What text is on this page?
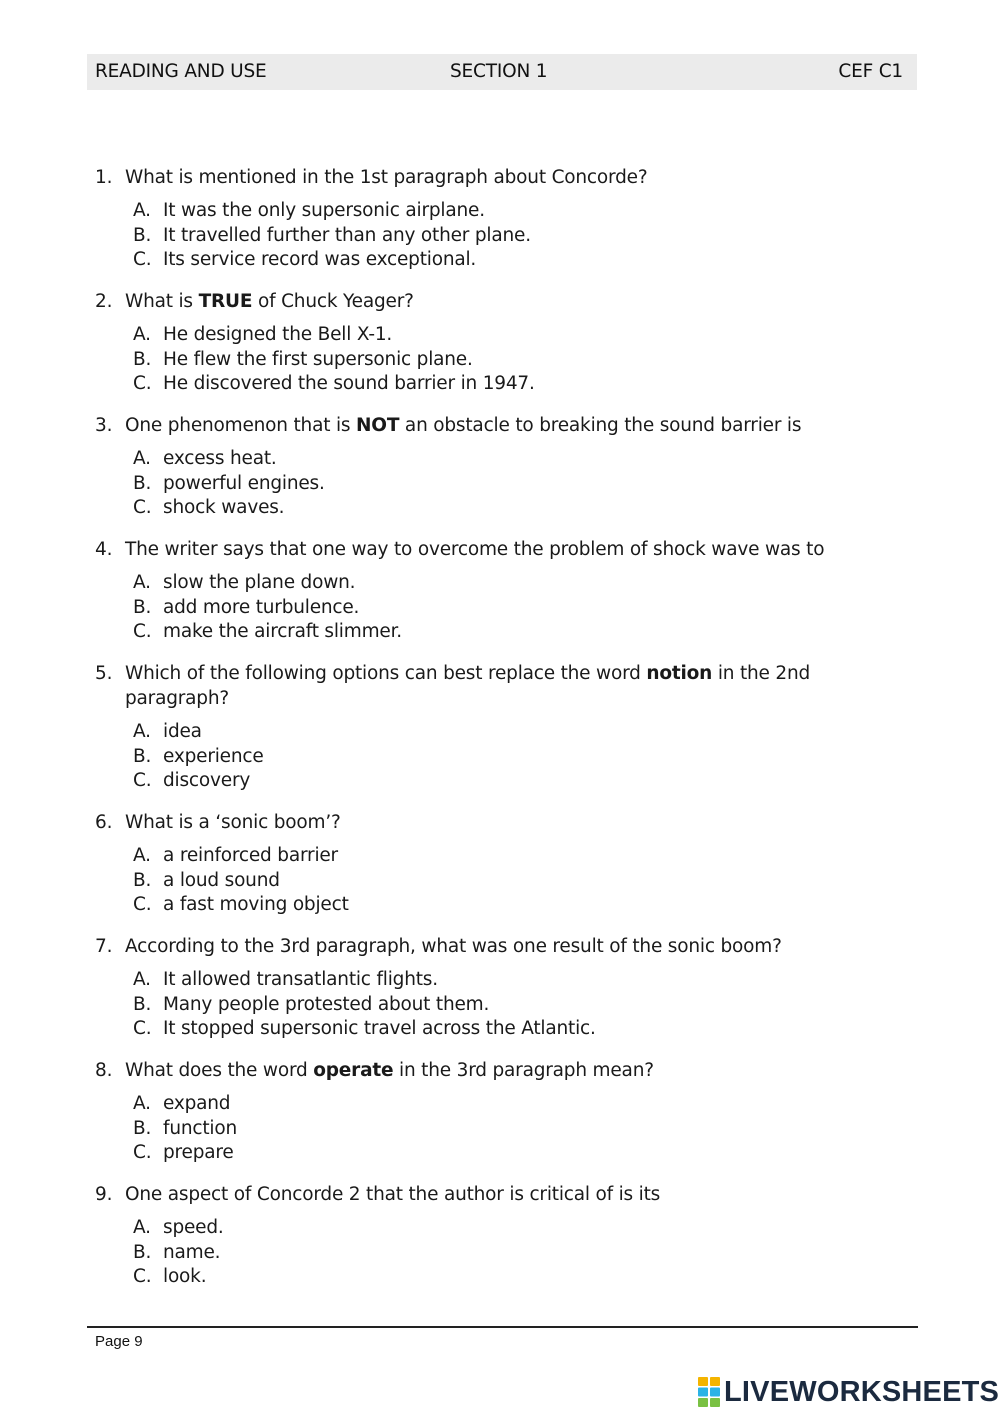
READING AND USE	SECTION 1	CEF C1
1. What is mentioned in the 1st paragraph about Concorde?
A. It was the only supersonic airplane.
B. It travelled further than any other plane.
C. Its service record was exceptional.
2. What is TRUE of Chuck Yeager?
A. He designed the Bell X-1.
B. He flew the first supersonic plane.
C. He discovered the sound barrier in 1947.
3. One phenomenon that is NOT an obstacle to breaking the sound barrier is
A. excess heat.
B. powerful engines.
C. shock waves.
4. The writer says that one way to overcome the problem of shock wave was to
A. slow the plane down.
B. add more turbulence.
C. make the aircraft slimmer.
5. Which of the following options can best replace the word notion in the 2nd paragraph?
A. idea
B. experience
C. discovery
6. What is a ‘sonic boom’?
A. a reinforced barrier
B. a loud sound
C. a fast moving object
7. According to the 3rd paragraph, what was one result of the sonic boom?
A. It allowed transatlantic flights.
B. Many people protested about them.
C. It stopped supersonic travel across the Atlantic.
8. What does the word operate in the 3rd paragraph mean?
A. expand
B. function
C. prepare
9. One aspect of Concorde 2 that the author is critical of is its
A. speed.
B. name.
C. look.
Page 9
LIVEWORKSHEETS
